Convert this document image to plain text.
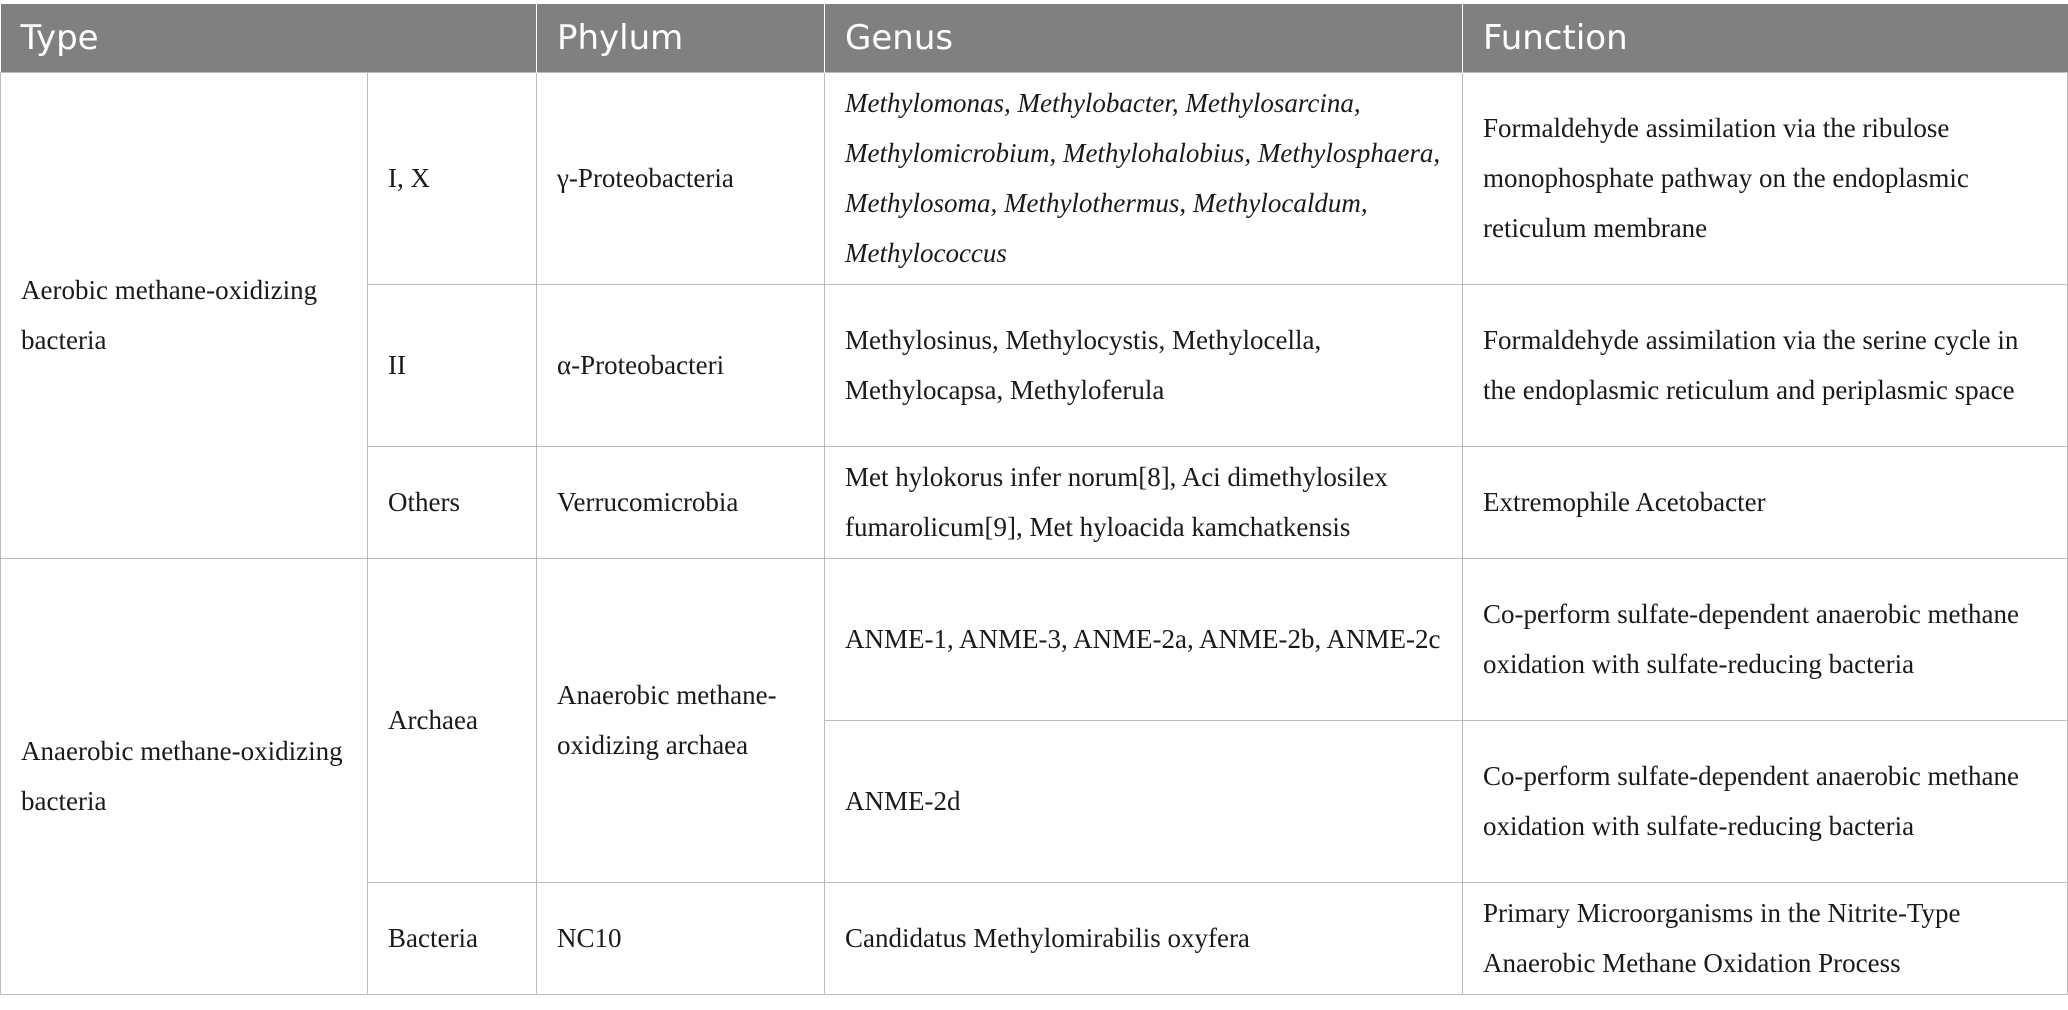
Type		Phylum	Genus	Function
Aerobic methane-oxidizing bacteria	I, X	γ-Proteobacteria	Methylomonas, Methylobacter, Methylosarcina, Methylomicrobium, Methylohalobius, Methylosphaera, Methylosoma, Methylothermus, Methylocaldum, Methylococcus	Formaldehyde assimilation via the ribulose monophosphate pathway on the endoplasmic reticulum membrane
	II	α-Proteobacteri	Methylosinus, Methylocystis, Methylocella, Methylocapsa, Methyloferula	Formaldehyde assimilation via the serine cycle in the endoplasmic reticulum and periplasmic space
	Others	Verrucomicrobia	Met hylokorus infer norum[8], Aci dimethylosilex fumarolicum[9], Met hyloacida kamchatkensis	Extremophile Acetobacter
Anaerobic methane-oxidizing bacteria	Archaea	Anaerobic methane-oxidizing archaea	ANME-1, ANME-3, ANME-2a, ANME-2b, ANME-2c	Co-perform sulfate-dependent anaerobic methane oxidation with sulfate-reducing bacteria
			ANME-2d	Co-perform sulfate-dependent anaerobic methane oxidation with sulfate-reducing bacteria
	Bacteria	NC10	Candidatus Methylomirabilis oxyfera	Primary Microorganisms in the Nitrite-Type Anaerobic Methane Oxidation Process
